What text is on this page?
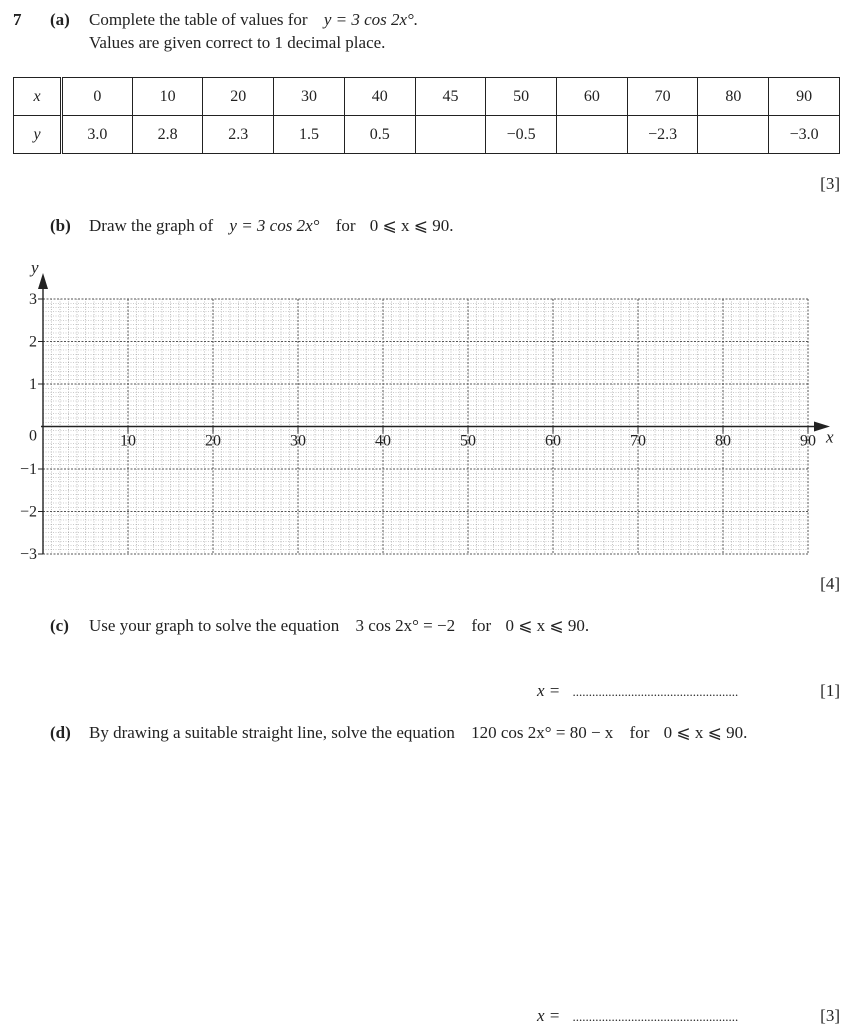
7 (a) Complete the table of values for y = 3 cos 2x°.
Values are given correct to 1 decimal place.
x	0	10	20	30	40	45	50	60	70	80	90
y	3.0	2.8	2.3	1.5	0.5		−0.5		−2.3		−3.0
[3]
(b) Draw the graph of y = 3 cos 2x° for 0 ⩽ x ⩽ 90.
10	20	30	40	50	60	70	80	90
3
2
1
0
−1
−2
−3
y
x
[4]
(c) Use your graph to solve the equation 3 cos 2x° = −2 for 0 ⩽ x ⩽ 90.
x = ...................................................	[1]
(d) By drawing a suitable straight line, solve the equation 120 cos 2x° = 80 − x for 0 ⩽ x ⩽ 90.
x = ...................................................	[3]
